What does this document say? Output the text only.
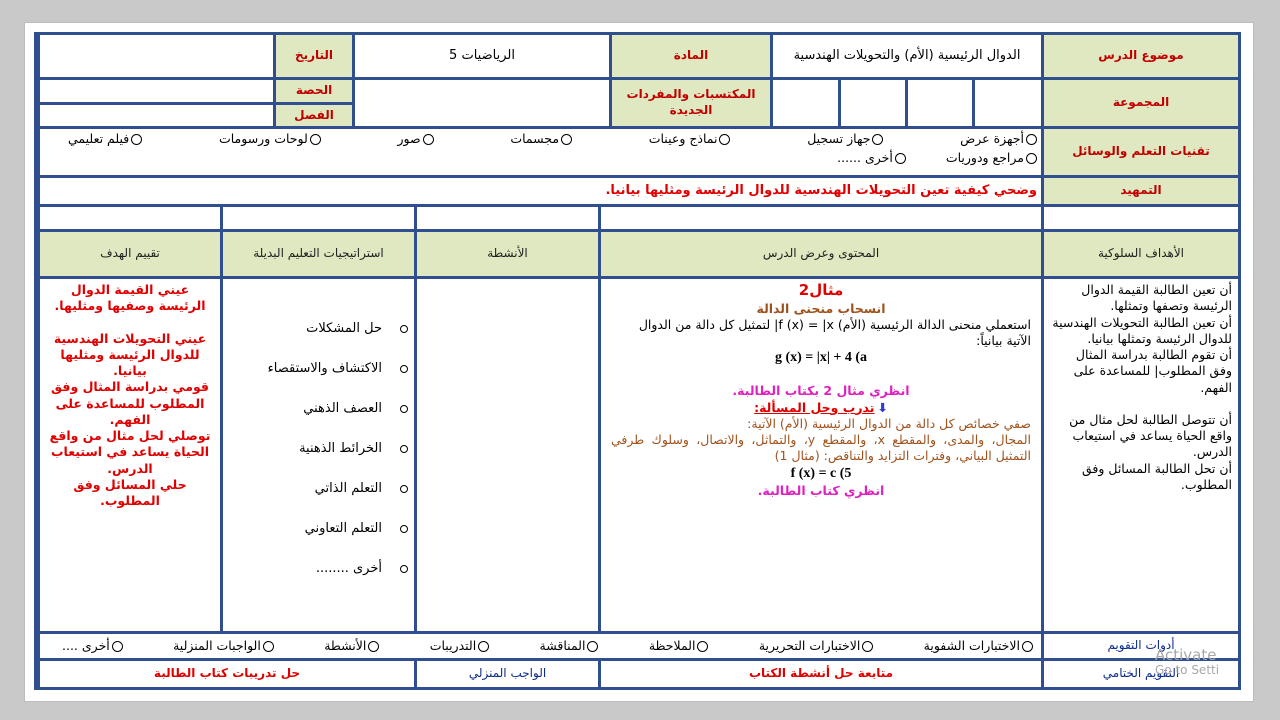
موضوع الدرس
الدوال الرئيسية (الأم) والتحويلات الهندسية
المادة
الرياضيات 5
التاريخ
المجموعة
المكتسبات والمفردات الجديدة
الحصة
الفصل
تقنيات التعلم والوسائل
أجهزة عرض
جهاز تسجيل
نماذج وعينات
مجسمات
صور
لوحات ورسومات
فيلم تعليمي
مراجع ودوريات
أخرى ......
التمهيد
وضحي كيفية تعين التحويلات الهندسية للدوال الرئيسة ومثليها بيانيا.
الأهداف السلوكية
المحتوى وعرض الدرس
الأنشطة
استراتيجيات التعليم البديلة
تقييم الهدف
أن تعين الطالبة القيمة الدوال الرئيسة وتصفها وتمثلها.
أن تعين الطالبة التحويلات الهندسية للدوال الرئيسة وتمثلها بيانيا.
أن تقوم الطالبة بدراسة المثال وفق المطلوب| للمساعدة على الفهم.
أن تتوصل الطالبة لحل مثال من واقع الحياة يساعد في استيعاب الدرس.
أن تحل الطالبة المسائل وفق المطلوب.

مثال2

انسحاب منحنى الدالة

استعملي منحنى الدالة الرئيسية (الأم) f (x) = |x| لتمثيل كل دالة من الدوال الآتية بيانياً:

g (x) = |x| + 4 (a

انظري مثال 2 بكتاب الطالبة.

⬇تدرب وحل المسألة:

صفي خصائص كل دالة من الدوال الرئيسية (الأم) الآتية:

المجال، والمدى، والمقطع x، والمقطع y، والتماثل، والاتصال، وسلوك طرفي التمثيل البياني، وفترات التزايد والتناقص: (مثال 1)

f (x) = c (5

انظري كتاب الطالبة.

حل المشكلات
الاكتشاف والاستقصاء
العصف الذهني
الخرائط الذهنية
التعلم الذاتي
التعلم التعاوني
أخرى ........
عيني القيمة الدوال الرئيسة وصفيها ومثليها.
عيني التحويلات الهندسية للدوال الرئيسة ومثليها بيانيا.
قومي بدراسة المثال وفق المطلوب للمساعدة على الفهم.
توصلي لحل مثال من واقع الحياة يساعد في استيعاب الدرس.
حلي المسائل وفق المطلوب.
أدوات التقويم
الاختبارات الشفوية
الاختبارات التحريرية
الملاحظة
المناقشة
التدريبات
الأنشطة
الواجبات المنزلية
أخرى ....
التقويم الختامي
متابعة حل أنشطة الكتاب
الواجب المنزلي
حل تدريبات كتاب الطالبة
Activate
Go to Setti
